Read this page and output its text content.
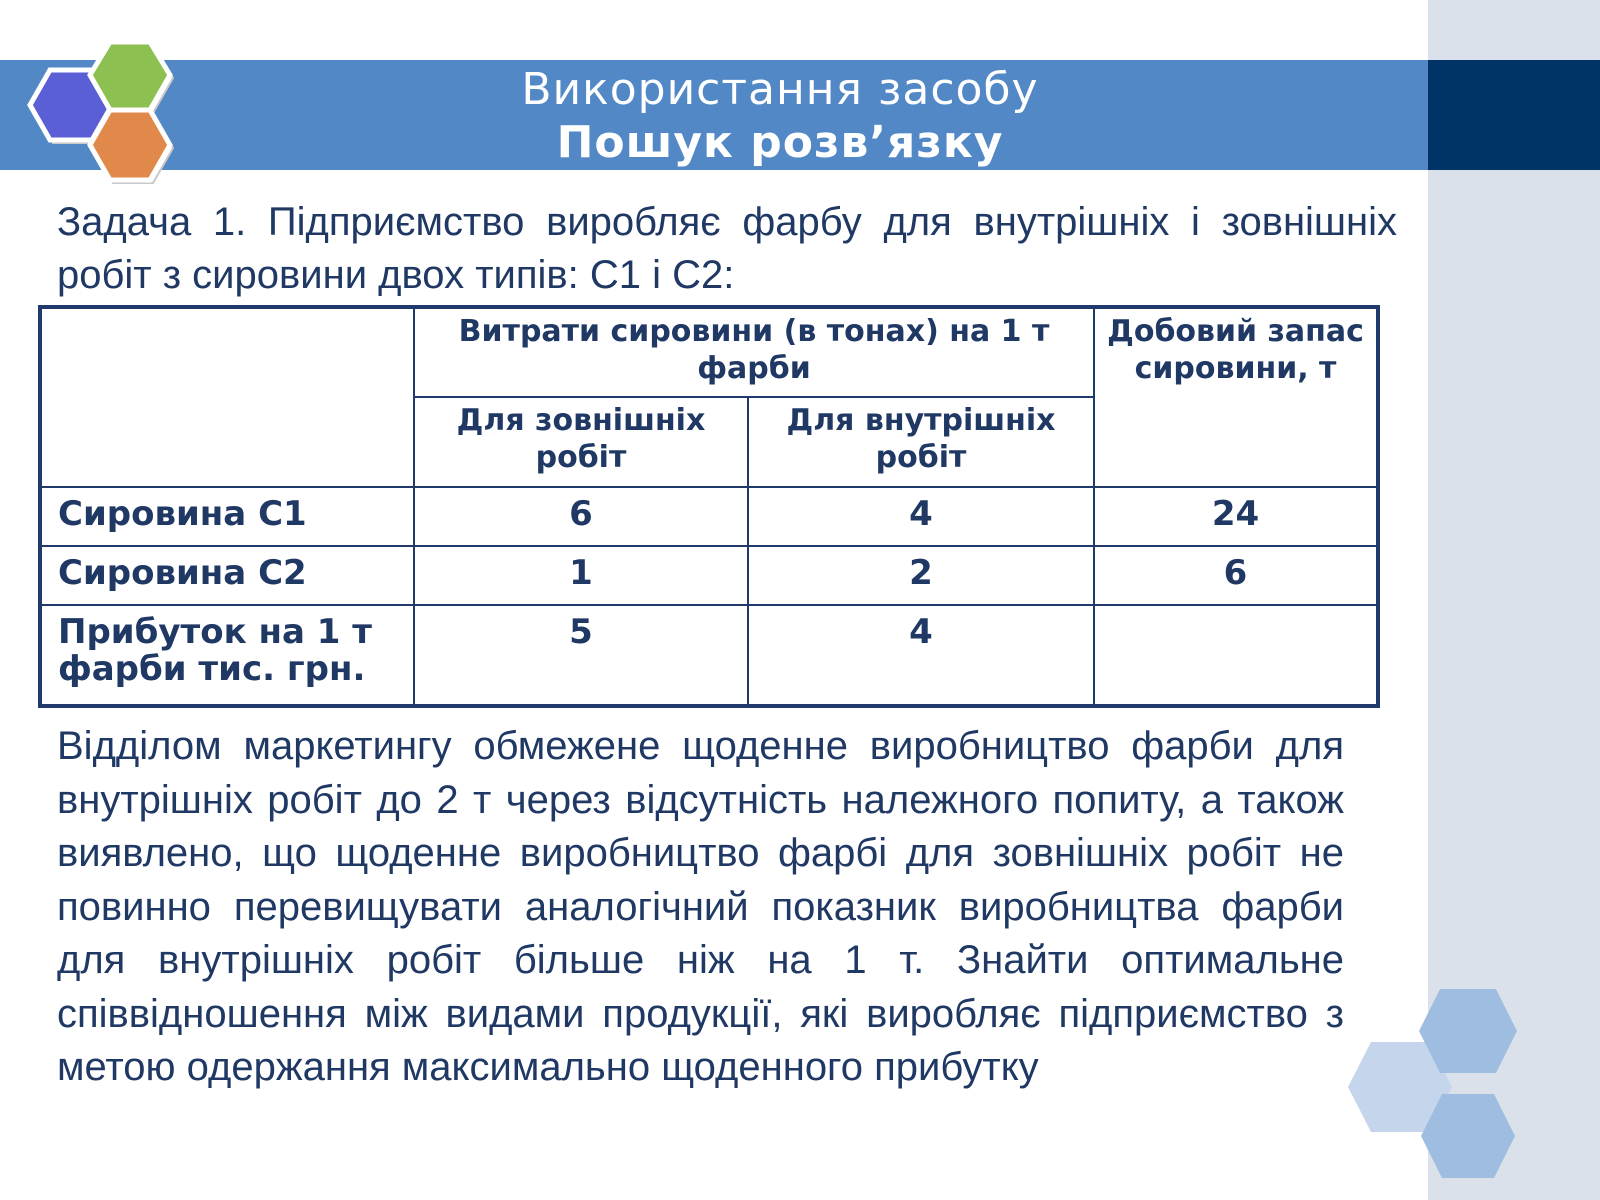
Використання засобу
Пошук розв’язку
Задача 1. Підприємство виробляє фарбу для внутрішніх і зовнішніх робіт з сировини двох типів: С1 і С2:
	Витрати сировини (в тонах) на 1 т фарби		Добовий запас сировини, т
	Для зовнішніх робіт	Для внутрішніх робіт	
Сировина С1	6	4	24
Сировина С2	1	2	6
Прибуток на 1 т фарби тис. грн.	5	4	
Відділом маркетингу обмежене щоденне виробництво фарби для внутрішніх робіт до 2 т через відсутність належного попиту, а також виявлено, що щоденне виробництво фарбі для зовнішніх робіт не повинно перевищувати аналогічний показник виробництва фарби для внутрішніх робіт більше ніж на 1 т. Знайти оптимальне співвідношення між видами продукції, які виробляє підприємство з метою одержання максимально щоденного прибутку
